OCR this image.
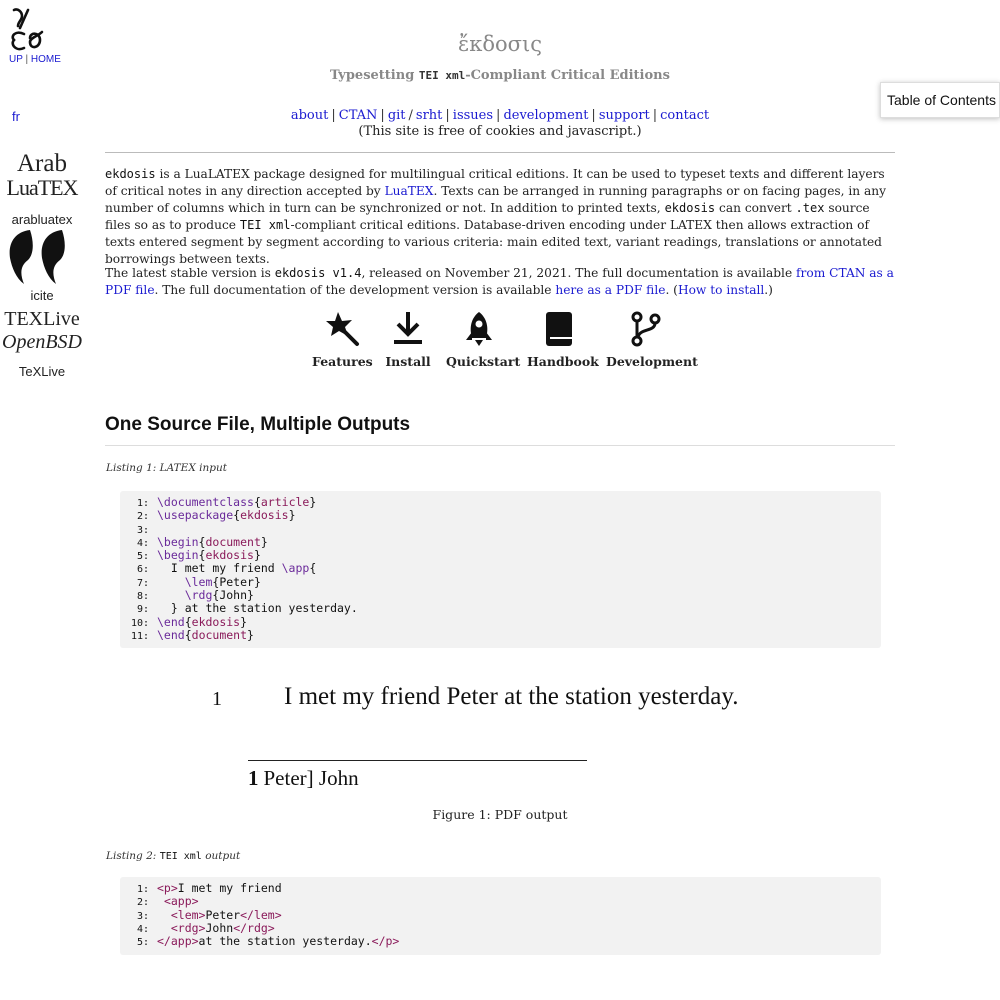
UP | HOME
fr
Arab
LuaTEX
arabluatex
icite
TEXLive
OpenBSD
TeXLive
ἔκδοσις
Typesetting TEI xml-Compliant Critical Editions
Table of Contents
about | CTAN | git / srht | issues | development | support | contact
(This site is free of cookies and javascript.)

ekdosis is a LuaLATEX package designed for multilingual critical editions. It can be used to typeset texts and different layers of critical notes in any direction accepted by LuaTEX. Texts can be arranged in running paragraphs or on facing pages, in any number of columns which in turn can be synchronized or not. In addition to printed texts, ekdosis can convert .tex source files so as to produce TEI xml-compliant critical editions. Database-driven encoding under LATEX then allows extraction of texts entered segment by segment according to various criteria: main edited text, variant readings, translations or annotated borrowings between texts.

The latest stable version is ekdosis v1.4, released on November 21, 2021. The full documentation is available from CTAN as a PDF file. The full documentation of the development version is available here as a PDF file. (How to install.)

Features Install Quickstart Handbook Development
One Source File, Multiple Outputs
Listing 1: LATEX input
1: \documentclass{article}
2: \usepackage{ekdosis}
3:
4: \begin{document}
5: \begin{ekdosis}
6:  I met my friend \app{
7:	\lem{Peter}
8:	\rdg{John}
9:  } at the station yesterday.
10: \end{ekdosis}
11: \end{document}
1 I met my friend Peter at the station yesterday.
1 Peter] John
Figure 1: PDF output
Listing 2: TEI xml output
1: <p>I met my friend
2: <app>
3: <lem>Peter</lem>
4: <rdg>John</rdg>
5: </app>at the station yesterday.</p>
